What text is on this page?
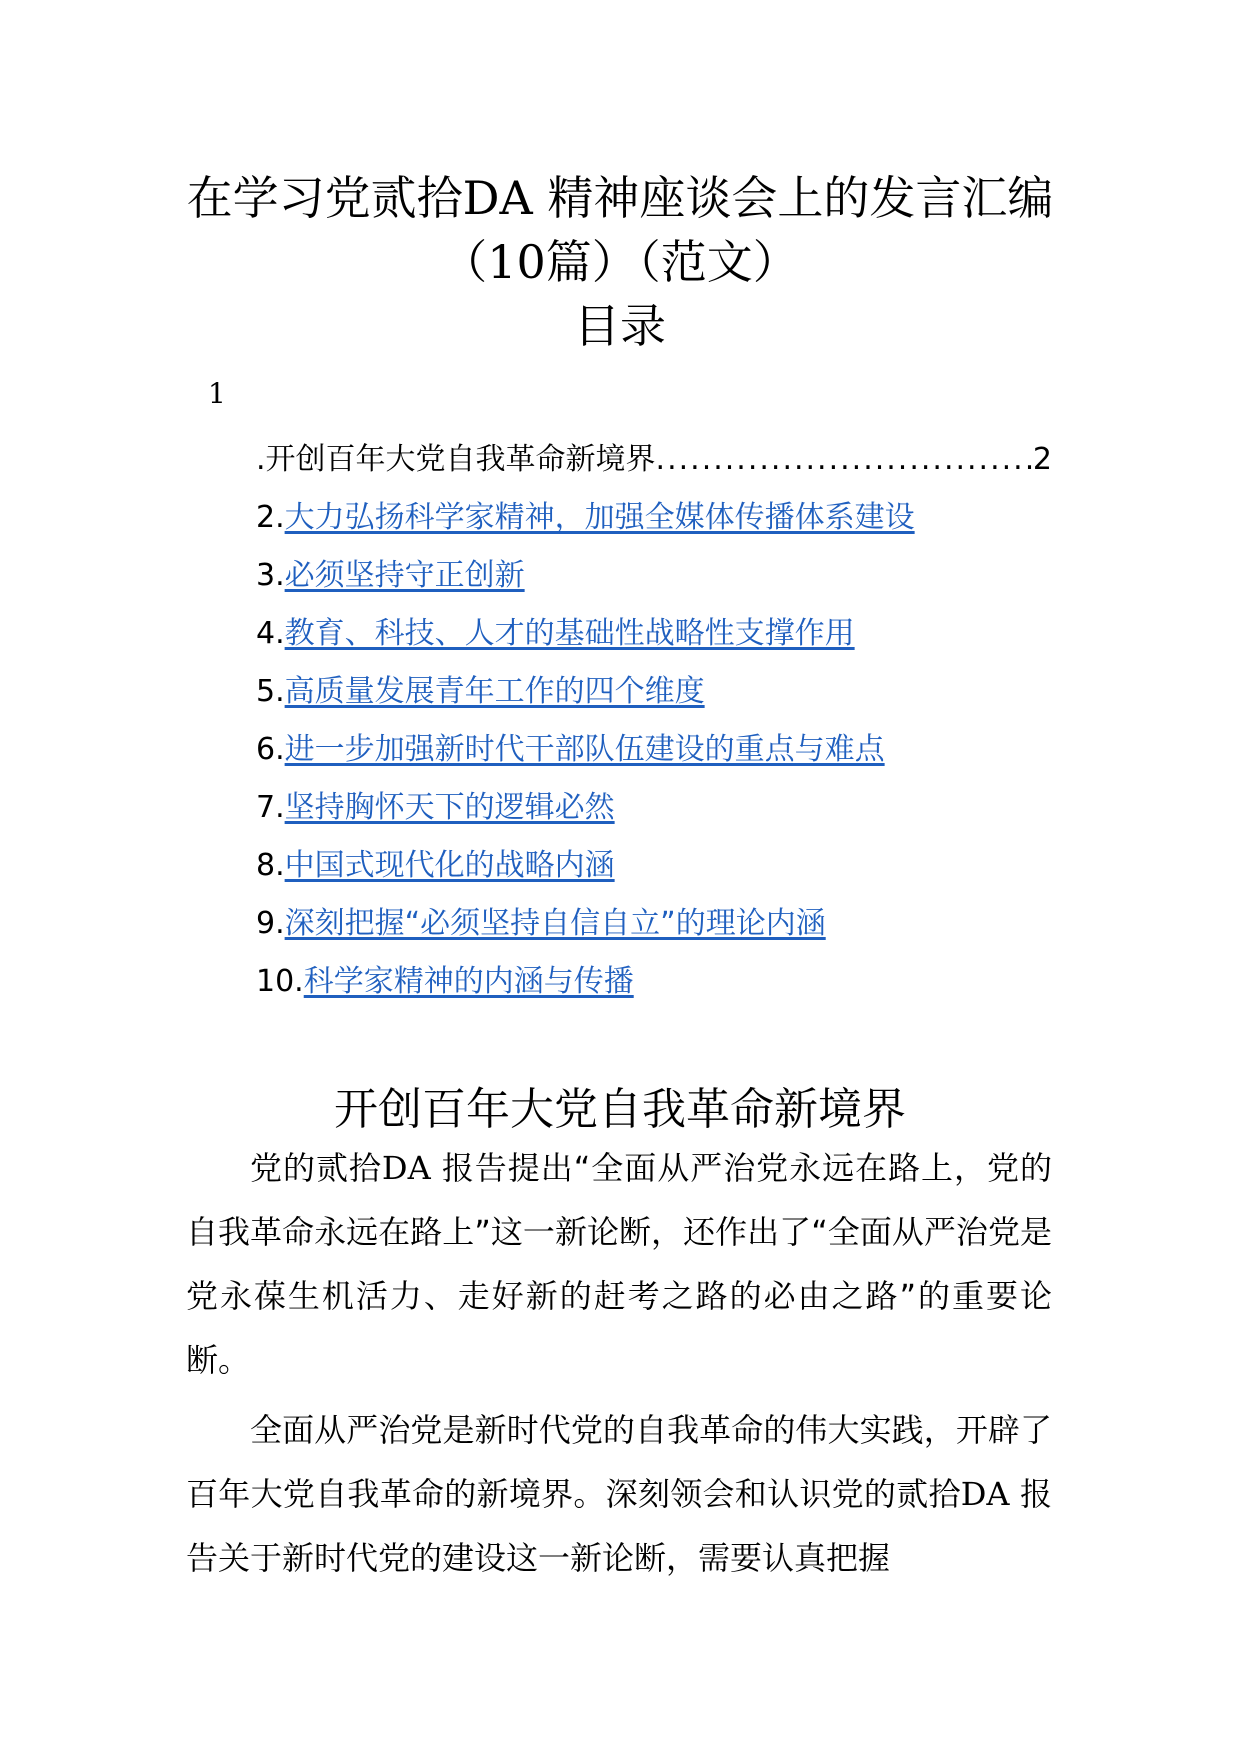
在学习党贰拾DA 精神座谈会上的发言汇编
（10篇）（范文）
目录
1
.开创百年大党自我革命新境界
.....	2
2.大力弘扬科学家精神，加强全媒体传播体系建设
3.必须坚持守正创新
4.教育、科技、人才的基础性战略性支撑作用
5.高质量发展青年工作的四个维度
6.进一步加强新时代干部队伍建设的重点与难点
7.坚持胸怀天下的逻辑必然
8.中国式现代化的战略内涵
9.深刻把握“必须坚持自信自立”的理论内涵
10.科学家精神的内涵与传播
开创百年大党自我革命新境界

党的贰拾DA 报告提出“全面从严治党永远在路上，党的自我革命永远在路上”这一新论断，还作出了“全面从严治党是党永葆生机活力、走好新的赶考之路的必由之路”的重要论断。

全面从严治党是新时代党的自我革命的伟大实践，开辟了百年大党自我革命的新境界。深刻领会和认识党的贰拾DA 报告关于新时代党的建设这一新论断，需要认真把握
